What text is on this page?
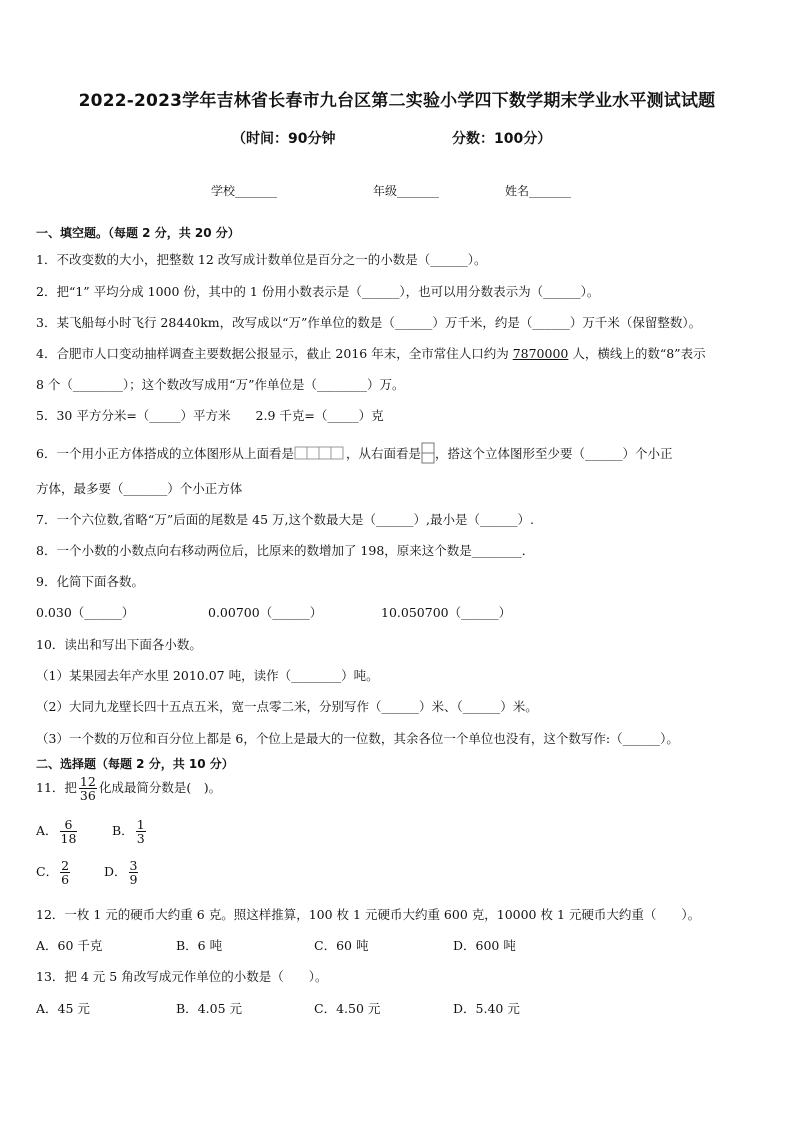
2022-2023学年吉林省长春市九台区第二实验小学四下数学期末学业水平测试试题
（时间：90分钟	分数：100分）
学校_______	年级_______	姓名_______
一、填空题。（每题 2 分，共 20 分）
1．不改变数的大小，把整数 12 改写成计数单位是百分之一的小数是（______）。
2．把“1” 平均分成 1000 份，其中的 1 份用小数表示是（______），也可以用分数表示为（______）。
3．某飞船每小时飞行 28440km，改写成以“万”作单位的数是（______）万千米，约是（______）万千米（保留整数）。
4．合肥市人口变动抽样调查主要数据公报显示，截止 2016 年末，全市常住人口约为 7870000 人，横线上的数“8”表示
8 个（________）；这个数改写成用“万”作单位是（________）万。
5．30 平方分米=（_____）平方米　　2.9 千克=（_____）克
6．一个用小正方体搭成的立体图形从上面看是	，从右面看是 ，搭这个立体图形至少要（______）个小正
方体，最多要（_______）个小正方体
7．一个六位数,省略“万”后面的尾数是 45 万,这个数最大是（______）,最小是（______）.
8．一个小数的小数点向右移动两位后，比原来的数增加了 198，原来这个数是________．
9．化简下面各数。
0.030（______）	0.00700（______）	10.050700（______）
10．读出和写出下面各小数。
（1）某果园去年产水里 2010.07 吨，读作（________）吨。
（2）大同九龙壁长四十五点五米，宽一点零二米，分别写作（______）米、（______）米。
（3）一个数的万位和百分位上都是 6，个位上是最大的一位数，其余各位一个单位也没有，这个数写作:（______）。
二、选择题（每题 2 分，共 10 分）
11．把 $\frac{12}{36}$ 化成最简分数是(　)。
A． $\frac{6}{18}$	B． $\frac{1}{3}$
C． $\frac{2}{6}$	D． $\frac{3}{9}$
12．一枚 1 元的硬币大约重 6 克。照这样推算，100 枚 1 元硬币大约重 600 克，10000 枚 1 元硬币大约重（　　）。
A．60 千克	B．6 吨	C．60 吨	D．600 吨
13．把 4 元 5 角改写成元作单位的小数是（　　）。
A．45 元	B．4.05 元	C．4.50 元	D．5.40 元
